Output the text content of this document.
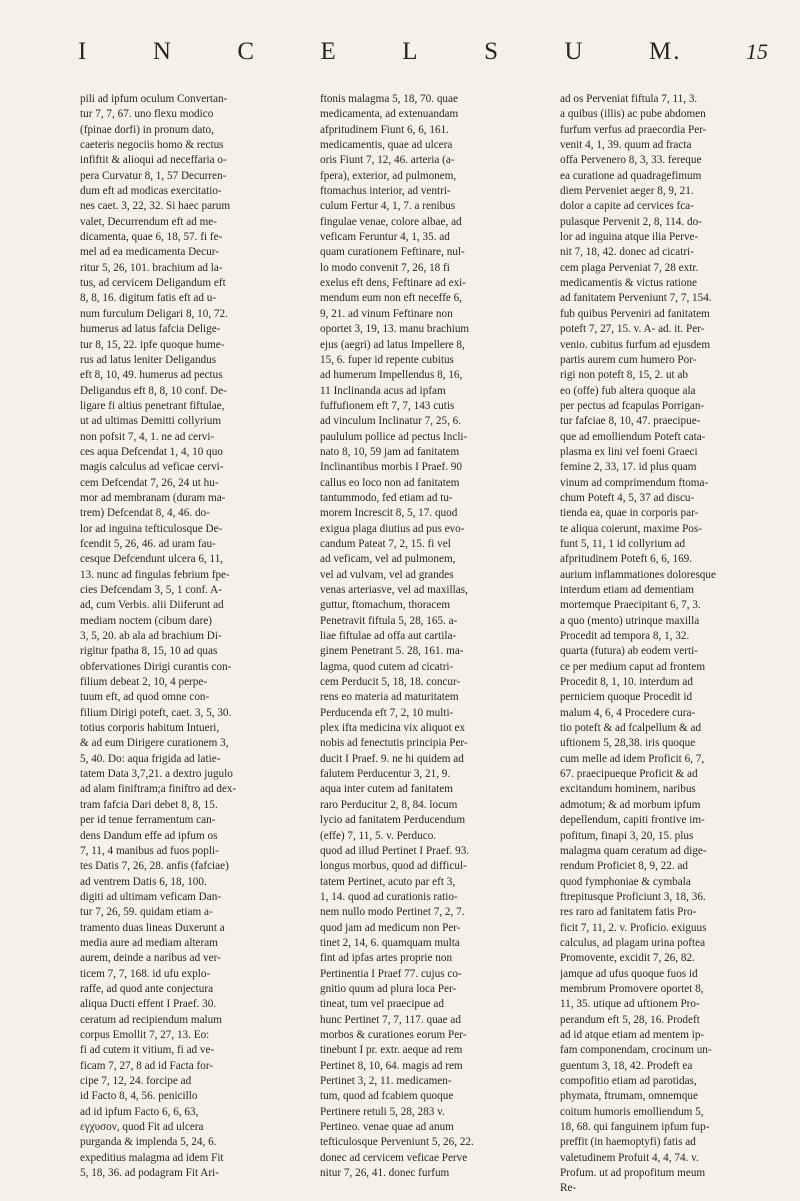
I	N	C	E	L	S	U	M.	15
pili ad ipfum oculum Convertan-
tur 7, 7, 67. uno flexu modico
(fpinae dorfi) in pronum dato,
caeteris negociis homo & rectus
infiftit & alioqui ad neceffaria o-
pera Curvatur 8, 1, 57 Decurren-
dum eft ad modicas exercitatio-
nes caet. 3, 22, 32. Si haec parum
valet, Decurrendum eft ad me-
dicamenta, quae 6, 18, 57. fi fe-
mel ad ea medicamenta Decur-
ritur 5, 26, 101. brachium ad la-
tus, ad cervicem Deligandum eft
8, 8, 16. digitum fatis eft ad u-
num furculum Deligari 8, 10, 72.
humerus ad latus fafcia Delige-
tur 8, 15, 22. ipfe quoque hume-
rus ad latus leniter Deligandus
eft 8, 10, 49. humerus ad pectus
Deligandus eft 8, 8, 10 conf. De-
ligare fi altius penetrant fiftulae,
ut ad ultimas Demitti collyrium
non pofsit 7, 4, 1. ne ad cervi-
ces aqua Defcendat 1, 4, 10 quo
magis calculus ad veficae cervi-
cem Defcendat 7, 26, 24 ut hu-
mor ad membranam (duram ma-
trem) Defcendat 8, 4, 46. do-
lor ad inguina tefticulosque De-
fcendit 5, 26, 46. ad uram fau-
cesque Defcendunt ulcera 6, 11,
13. nunc ad fingulas febrium fpe-
cies Defcendam 3, 5, 1 conf. A-
ad, cum Verbis. alii Diiferunt ad
mediam noctem (cibum dare)
3, 5, 20. ab ala ad brachium Di-
rigitur fpatha 8, 15, 10 ad quas
obfervationes Dirigi curantis con-
filium debeat 2, 10, 4 perpe-
tuum eft, ad quod omne con-
filium Dirigi poteft, caet. 3, 5, 30.
totius corporis habitum Intueri,
& ad eum Dirigere curationem 3,
5, 40. Do: aqua frigida ad latie-
tatem Data 3,7,21. a dextro jugulo
ad alam finiftram;a finiftro ad dex-
tram fafcia Dari debet 8, 8, 15.
per id tenue ferramentum can-
dens Dandum effe ad ipfum os
7, 11, 4 manibus ad fuos popli-
tes Datis 7, 26, 28. anfis (fafciae)
ad ventrem Datis 6, 18, 100.
digiti ad ultimam veficam Dan-
tur 7, 26, 59. quidam etiam a-
tramento duas lineas Duxerunt a
media aure ad mediam alteram
aurem, deinde a naribus ad ver-
ticem 7, 7, 168. id ufu explo-
raffe, ad quod ante conjectura
aliqua Ducti effent I Praef. 30.
ceratum ad recipiendum malum
corpus Emollit 7, 27, 13. Eo:
fi ad cutem it vitium, fi ad ve-
ficam 7, 27, 8 ad id Facta for-
cipe 7, 12, 24. forcipe ad
id Facto 8, 4, 56. penicillo
ad id ipfum Facto 6, 6, 63,
εγχυσον, quod Fit ad ulcera
purganda & implenda 5, 24, 6.
expeditius malagma ad idem Fit
5, 18, 36. ad podagram Fit Ari-
ftonis malagma 5, 18, 70. quae
medicamenta, ad extenuandam
afpritudinem Fiunt 6, 6, 161.
medicamentis, quae ad ulcera
oris Fiunt 7, 12, 46. arteria (a-
fpera), exterior, ad pulmonem,
ftomachus interior, ad ventri-
culum Fertur 4, 1, 7. a renibus
fingulae venae, colore albae, ad
veficam Feruntur 4, 1, 35. ad
quam curationem Feftinare, nul-
lo modo convenit 7, 26, 18 fi
exelus eft dens, Feftinare ad exi-
mendum eum non eft neceffe 6,
9, 21. ad vinum Feftinare non
oportet 3, 19, 13. manu brachium
ejus (aegri) ad latus Impellere 8,
15, 6. fuper id repente cubitus
ad humerum Impellendus 8, 16,
11 Inclinanda acus ad ipfam
fuffufionem eft 7, 7, 143 cutis
ad vinculum Inclinatur 7, 25, 6.
paululum pollice ad pectus Incli-
nato 8, 10, 59 jam ad fanitatem
Inclinantibus morbis I Praef. 90
callus eo loco non ad fanitatem
tantummodo, fed etiam ad tu-
morem Increscit 8, 5, 17. quod
exigua plaga diutius ad pus evo-
candum Pateat 7, 2, 15. fi vel
ad veficam, vel ad pulmonem,
vel ad vulvam, vel ad grandes
venas arteriasve, vel ad maxillas,
guttur, ftomachum, thoracem
Penetravit fiftula 5, 28, 165. a-
liae fiftulae ad offa aut cartila-
ginem Penetrant 5. 28, 161. ma-
lagma, quod cutem ad cicatri-
cem Perducit 5, 18, 18. concur-
rens eo materia ad maturitatem
Perducenda eft 7, 2, 10 multi-
plex ifta medicina vix aliquot ex
nobis ad fenectutis principia Per-
ducit I Praef. 9. ne hi quidem ad
falutem Perducentur 3, 21, 9.
aqua inter cutem ad fanitatem
raro Perducitur 2, 8, 84. locum
lycio ad fanitatem Perducendum
(effe) 7, 11, 5. v. Perduco.
quod ad illud Pertinet I Praef. 93.
longus morbus, quod ad difficul-
tatem Pertinet, acuto par eft 3,
1, 14. quod ad curationis ratio-
nem nullo modo Pertinet 7, 2, 7.
quod jam ad medicum non Per-
tinet 2, 14, 6. quamquam multa
fint ad ipfas artes proprie non
Pertinentia I Praef 77. cujus co-
gnitio quum ad plura loca Per-
tineat, tum vel praecipue ad
hunc Pertinet 7, 7, 117. quae ad
morbos & curationes eorum Per-
tinebunt I pr. extr. aeque ad rem
Pertinet 8, 10, 64. magis ad rem
Pertinet 3, 2, 11. medicamen-
tum, quod ad fcabiem quoque
Pertinere retuli 5, 28, 283 v.
Pertineo. venae quae ad anum
tefticulosque Perveniunt 5, 26, 22.
donec ad cervicem veficae Perve
nitur 7, 26, 41. donec furfum
ad os Perveniat fiftula 7, 11, 3.
a quibus (illis) ac pube abdomen
furfum verfus ad praecordia Per-
venit 4, 1, 39. quum ad fracta
offa Pervenero 8, 3, 33. fereque
ea curatione ad quadragefimum
diem Perveniet aeger 8, 9, 21.
dolor a capite ad cervices fca-
pulasque Pervenit 2, 8, 114. do-
lor ad inguina atque ilia Perve-
nit 7, 18, 42. donec ad cicatri-
cem plaga Perveniat 7, 28 extr.
medicamentis & victus ratione
ad fanitatem Perveniunt 7, 7, 154.
fub quibus Perveniri ad fanitatem
poteft 7, 27, 15. v. A- ad. it. Per-
venio. cubitus furfum ad ejusdem
partis aurem cum humero Por-
rigi non poteft 8, 15, 2. ut ab
eo (offe) fub altera quoque ala
per pectus ad fcapulas Porrigan-
tur fafciae 8, 10, 47. praecipue-
que ad emolliendum Poteft cata-
plasma ex lini vel foeni Graeci
femine 2, 33, 17. id plus quam
vinum ad comprimendum ftoma-
chum Poteft 4, 5, 37 ad discu-
tienda ea, quae in corporis par-
te aliqua coierunt, maxime Pos-
funt 5, 11, 1 id collyrium ad
afpritudinem Poteft 6, 6, 169.
aurium inflammationes doloresque
interdum etiam ad dementiam
mortemque Praecipitant 6, 7, 3.
a quo (mento) utrinque maxilla
Procedit ad tempora 8, 1, 32.
quarta (futura) ab eodem verti-
ce per medium caput ad frontem
Procedit 8, 1, 10. interdum ad
perniciem quoque Procedit id
malum 4, 6, 4 Procedere cura-
tio poteft & ad fcalpellum & ad
uftionem 5, 28,38. iris quoque
cum melle ad idem Proficit 6, 7,
67. praecipueque Proficit & ad
excitandum hominem, naribus
admotum; & ad morbum ipfum
depellendum, capiti frontive im-
pofitum, finapi 3, 20, 15. plus
malagma quam ceratum ad dige-
rendum Proficiet 8, 9, 22. ad
quod fymphoniae & cymbala
ftrepitusque Proficiunt 3, 18, 36.
res raro ad fanitatem fatis Pro-
ficit 7, 11, 2. v. Proficio. exiguus
calculus, ad plagam urina poftea
Promovente, excidit 7, 26, 82.
jamque ad ufus quoque fuos id
membrum Promovere oportet 8,
11, 35. utique ad uftionem Pro-
perandum eft 5, 28, 16. Prodeft
ad id atque etiam ad mentem ip-
fam componendam, crocinum un-
guentum 3, 18, 42. Prodeft ea
compofitio etiam ad parotidas,
phymata, ftrumam, omnemque
coitum humoris emolliendum 5,
18, 68. qui fanguinem ipfum fup-
preffit (in haemoptyfi) fatis ad
valetudinem Profuit 4, 4, 74. v.
Profum. ut ad propofitum meum
Re-
